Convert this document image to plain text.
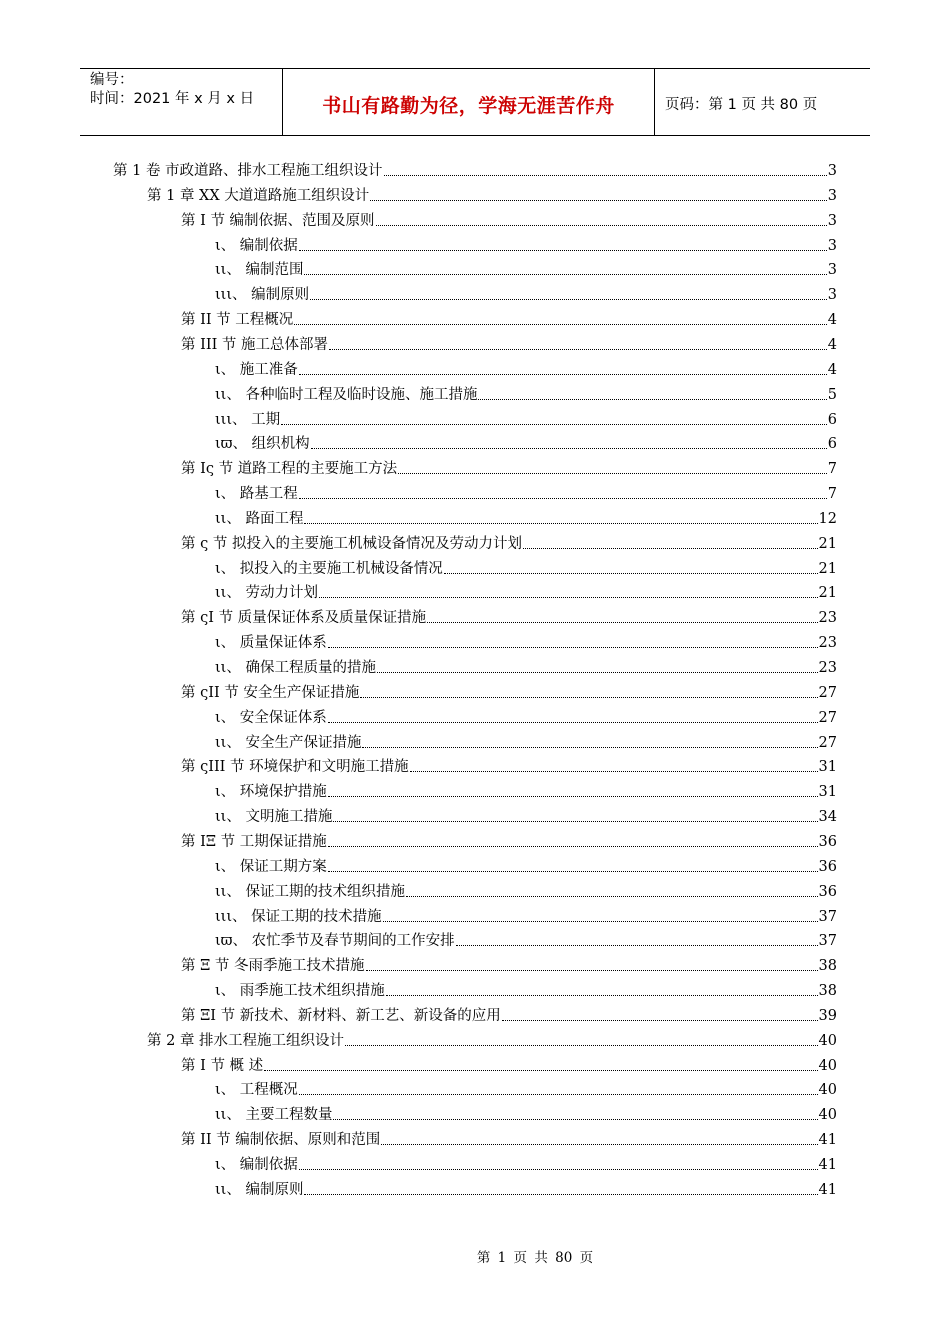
编号：
时间：2021 年 x 月 x 日	书山有路勤为径，学海无涯苦作舟	页码：第 1 页 共 80 页
第 1 卷 市政道路、排水工程施工组织设计	3
第 1 章 XX 大道道路施工组织设计	3
第 I 节 编制依据、范围及原则	3
ι、 编制依据	3
ιι、 编制范围	3
ιιι、 编制原则	3
第 II 节 工程概况	4
第 III 节 施工总体部署	4
ι、 施工准备	4
ιι、 各种临时工程及临时设施、施工措施	5
ιιι、 工期	6
ιϖ、 组织机构	6
第 Iς 节 道路工程的主要施工方法	7
ι、 路基工程	7
ιι、 路面工程	12
第 ς 节 拟投入的主要施工机械设备情况及劳动力计划	21
ι、 拟投入的主要施工机械设备情况	21
ιι、 劳动力计划	21
第 ςI 节 质量保证体系及质量保证措施	23
ι、 质量保证体系	23
ιι、 确保工程质量的措施	23
第 ςII 节 安全生产保证措施	27
ι、 安全保证体系	27
ιι、 安全生产保证措施	27
第 ςIII 节 环境保护和文明施工措施	31
ι、 环境保护措施	31
ιι、 文明施工措施	34
第 IΞ 节 工期保证措施	36
ι、 保证工期方案	36
ιι、 保证工期的技术组织措施	36
ιιι、 保证工期的技术措施	37
ιϖ、 农忙季节及春节期间的工作安排	37
第 Ξ 节 冬雨季施工技术措施	38
ι、 雨季施工技术组织措施	38
第 ΞI 节 新技术、新材料、新工艺、新设备的应用	39
第 2 章 排水工程施工组织设计	40
第 I 节 概 述	40
ι、 工程概况	40
ιι、 主要工程数量	40
第 II 节 编制依据、原则和范围	41
ι、 编制依据	41
ιι、 编制原则	41
第 1 页 共 80 页
